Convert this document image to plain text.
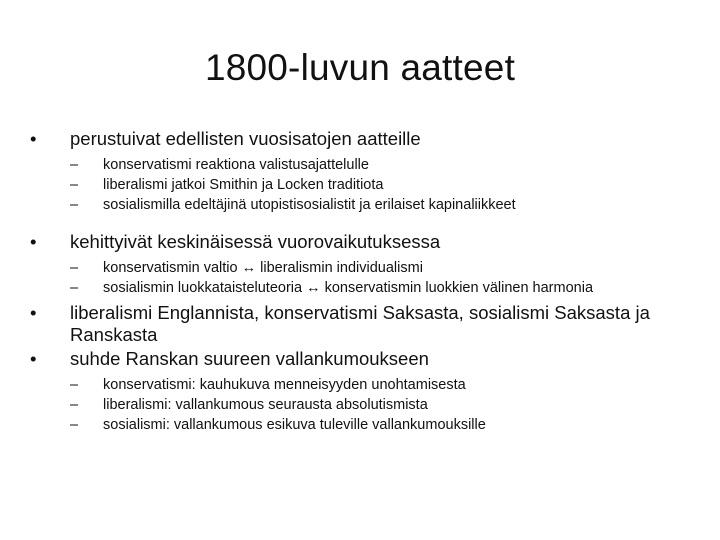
1800-luvun aatteet
•	perustuivat edellisten vuosisatojen aatteille
– konservatismi reaktiona valistusajattelulle
– liberalismi jatkoi Smithin ja Locken traditiota
– sosialismilla edeltäjinä utopistisosialistit ja erilaiset kapinaliikkeet
•	kehittyivät keskinäisessä vuorovaikutuksessa
– konservatismin valtio ↔ liberalismin individualismi
– sosialismin luokkataisteluteoria ↔ konservatismin luokkien välinen harmonia
•	liberalismi Englannista, konservatismi Saksasta, sosialismi Saksasta ja Ranskasta
•	suhde Ranskan suureen vallankumoukseen
– konservatismi: kauhukuva menneisyyden unohtamisesta
– liberalismi: vallankumous seurausta absolutismista
– sosialismi: vallankumous esikuva tuleville vallankumouksille
